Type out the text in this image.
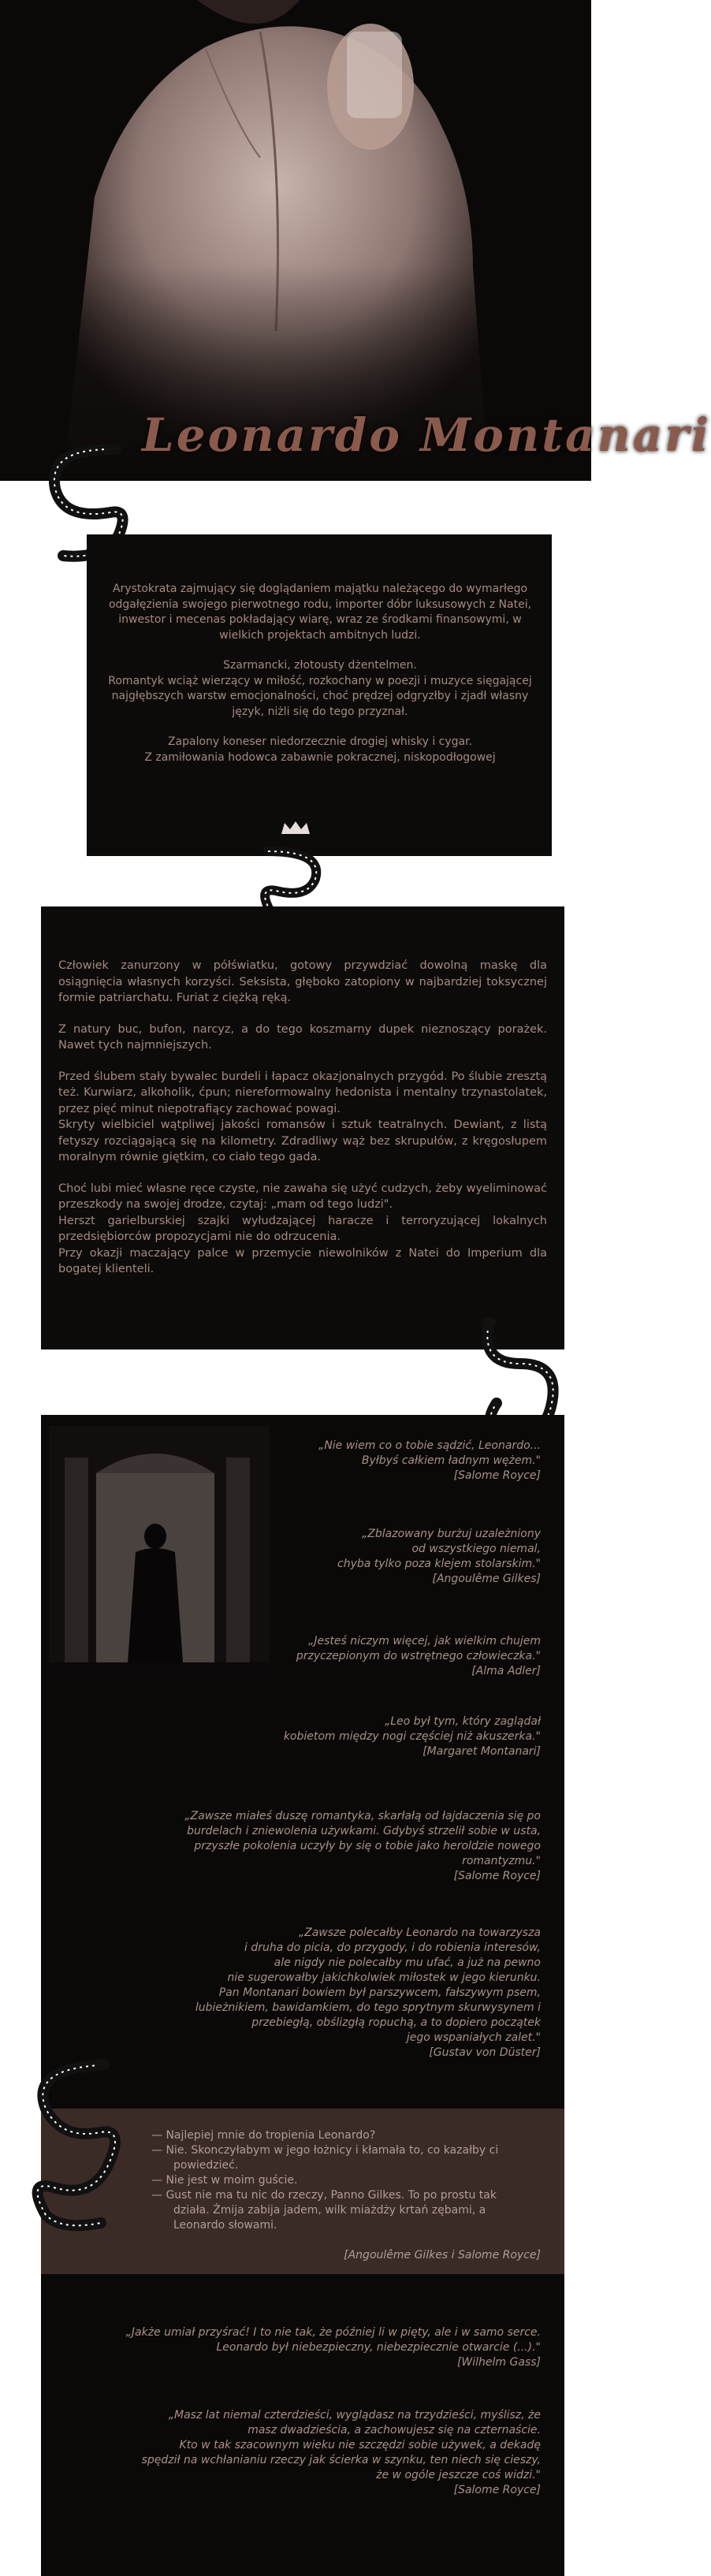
Leonardo Montanari

Arystokrata zajmujący się doglądaniem majątku należącego do wymarłego odgałęzienia swojego pierwotnego rodu, importer dóbr luksusowych z Natei, inwestor i mecenas pokładający wiarę, wraz ze środkami finansowymi, w wielkich projektach ambitnych ludzi.

Szarmancki, złotousty dżentelmen.
Romantyk wciąż wierzący w miłość, rozkochany w poezji i muzyce sięgającej najgłębszych warstw emocjonalności, choć prędzej odgryzłby i zjadł własny język, niżli się do tego przyznał.

Zapalony koneser niedorzecznie drogiej whisky i cygar.
Z zamiłowania hodowca zabawnie pokracznej, niskopodłogowej

Człowiek zanurzony w półświatku, gotowy przywdziać dowolną maskę dla osiągnięcia własnych korzyści. Seksista, głęboko zatopiony w najbardziej toksycznej formie patriarchatu. Furiat z ciężką ręką.

Z natury buc, bufon, narcyz, a do tego koszmarny dupek nieznoszący porażek. Nawet tych najmniejszych.

Przed ślubem stały bywalec burdeli i łapacz okazjonalnych przygód. Po ślubie zresztą też. Kurwiarz, alkoholik, ćpun; niereformowalny hedonista i mentalny trzynastolatek, przez pięć minut niepotrafiący zachować powagi.
Skryty wielbiciel wątpliwej jakości romansów i sztuk teatralnych. Dewiant, z listą fetyszy rozciągającą się na kilometry. Zdradliwy wąż bez skrupułów, z kręgosłupem moralnym równie giętkim, co ciało tego gada.

Choć lubi mieć własne ręce czyste, nie zawaha się użyć cudzych, żeby wyeliminować przeszkody na swojej drodze, czytaj: „mam od tego ludzi".
Herszt garielburskiej szajki wyłudzającej haracze i terroryzującej lokalnych przedsiębiorców propozycjami nie do odrzucenia.
Przy okazji maczający palce w przemycie niewolników z Natei do Imperium dla bogatej klienteli.

„Nie wiem co o tobie sądzić, Leonardo...
Byłbyś całkiem ładnym wężem."
[Salome Royce]
„Zblazowany burżuj uzależniony
od wszystkiego niemal,
chyba tylko poza klejem stolarskim."
[Angoulême Gilkes]
„Jesteś niczym więcej, jak wielkim chujem
przyczepionym do wstrętnego człowieczka."
[Alma Adler]
„Leo był tym, który zaglądał
kobietom między nogi częściej niż akuszerka."
[Margaret Montanari]
„Zawsze miałeś duszę romantyka, skarłałą od łajdaczenia się po
burdelach i zniewolenia używkami. Gdybyś strzelił sobie w usta,
przyszłe pokolenia uczyły by się o tobie jako heroldzie nowego
romantyzmu."
[Salome Royce]
„Zawsze polecałby Leonardo na towarzysza
i druha do picia, do przygody, i do robienia interesów,
ale nigdy nie polecałby mu ufać, a już na pewno
nie sugerowałby jakichkolwiek miłostek w jego kierunku.
Pan Montanari bowiem był parszywcem, fałszywym psem,
lubieżnikiem, bawidamkiem, do tego sprytnym skurwysynem i
przebiegłą, obślizgłą ropuchą, a to dopiero początek
jego wspaniałych zalet."
[Gustav von Düster]
— Najlepiej mnie do tropienia Leonardo?
— Nie. Skonczyłabym w jego łożnicy i kłamała to, co kazałby ci powiedzieć.
— Nie jest w moim guście.
— Gust nie ma tu nic do rzeczy, Panno Gilkes. To po prostu tak działa. Żmija zabija jadem, wilk miażdży krtań zębami, a Leonardo słowami.
[Angoulême Gilkes i Salome Royce]
„Jakże umiał przyśrać! I to nie tak, że później li w pięty, ale i w samo serce.
Leonardo był niebezpieczny, niebezpiecznie otwarcie (...)."
[Wilhelm Gass]
„Masz lat niemal czterdzieści, wyglądasz na trzydzieści, myślisz, że
masz dwadzieścia, a zachowujesz się na czternaście.
Kto w tak szacownym wieku nie szczędzi sobie używek, a dekadę
spędził na wchłanianiu rzeczy jak ścierka w szynku, ten niech się cieszy,
że w ogóle jeszcze coś widzi."
[Salome Royce]
